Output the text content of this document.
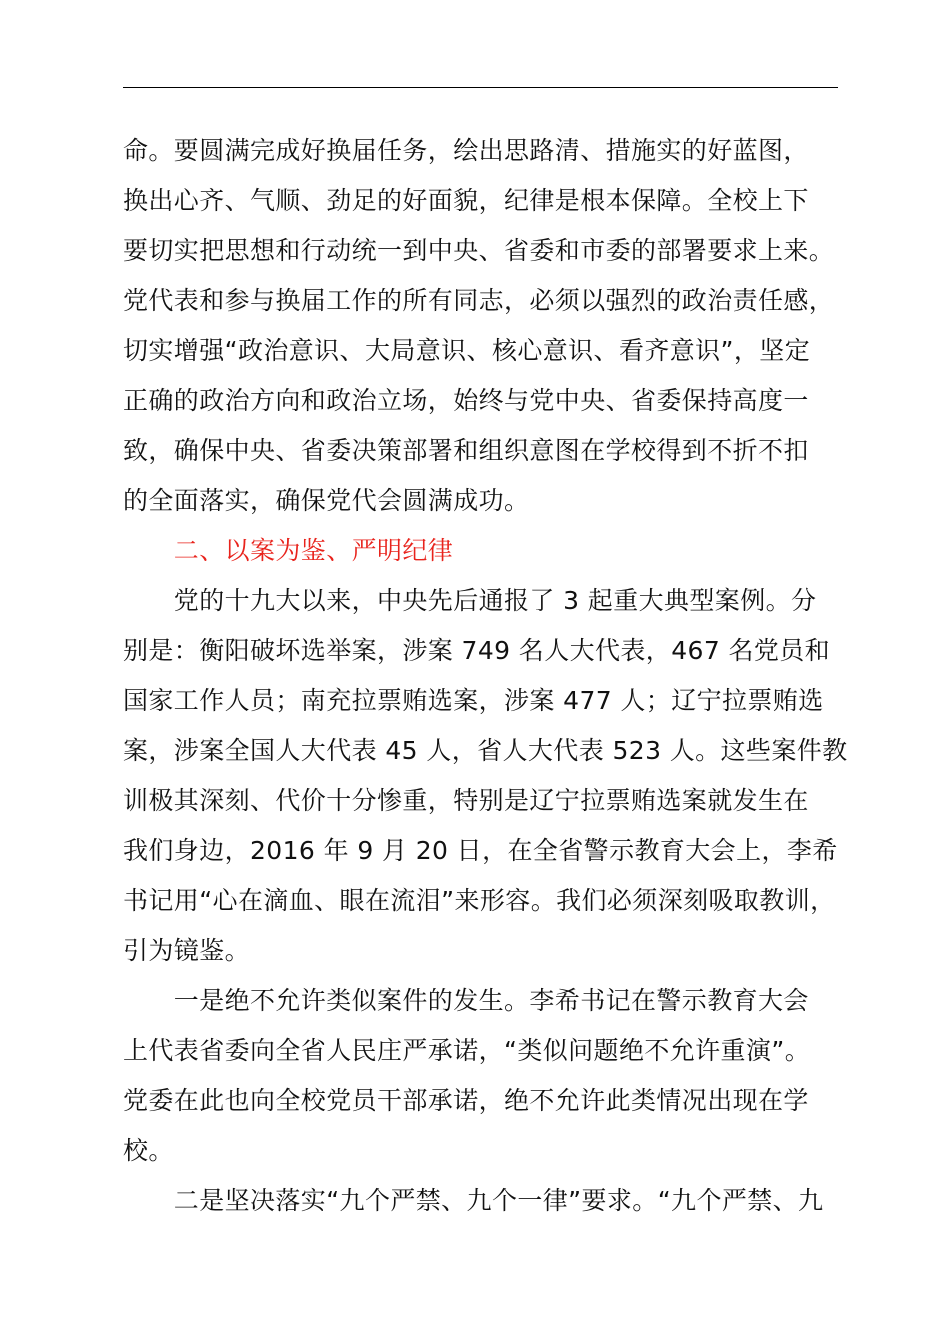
命。要圆满完成好换届任务，绘出思路清、措施实的好蓝图，
换出心齐、气顺、劲足的好面貌，纪律是根本保障。全校上下
要切实把思想和行动统一到中央、省委和市委的部署要求上来。
党代表和参与换届工作的所有同志，必须以强烈的政治责任感，
切实增强“政治意识、大局意识、核心意识、看齐意识”，坚定
正确的政治方向和政治立场，始终与党中央、省委保持高度一
致，确保中央、省委决策部署和组织意图在学校得到不折不扣
的全面落实，确保党代会圆满成功。
　　二、以案为鉴、严明纪律
　　党的十九大以来，中央先后通报了 3 起重大典型案例。分
别是：衡阳破坏选举案，涉案 749 名人大代表，467 名党员和
国家工作人员；南充拉票贿选案，涉案 477 人；辽宁拉票贿选
案，涉案全国人大代表 45 人，省人大代表 523 人。这些案件教
训极其深刻、代价十分惨重，特别是辽宁拉票贿选案就发生在
我们身边，2016 年 9 月 20 日，在全省警示教育大会上，李希
书记用“心在滴血、眼在流泪”来形容。我们必须深刻吸取教训，
引为镜鉴。
　　一是绝不允许类似案件的发生。李希书记在警示教育大会
上代表省委向全省人民庄严承诺，“类似问题绝不允许重演”。
党委在此也向全校党员干部承诺，绝不允许此类情况出现在学
校。
　　二是坚决落实“九个严禁、九个一律”要求。“九个严禁、九
